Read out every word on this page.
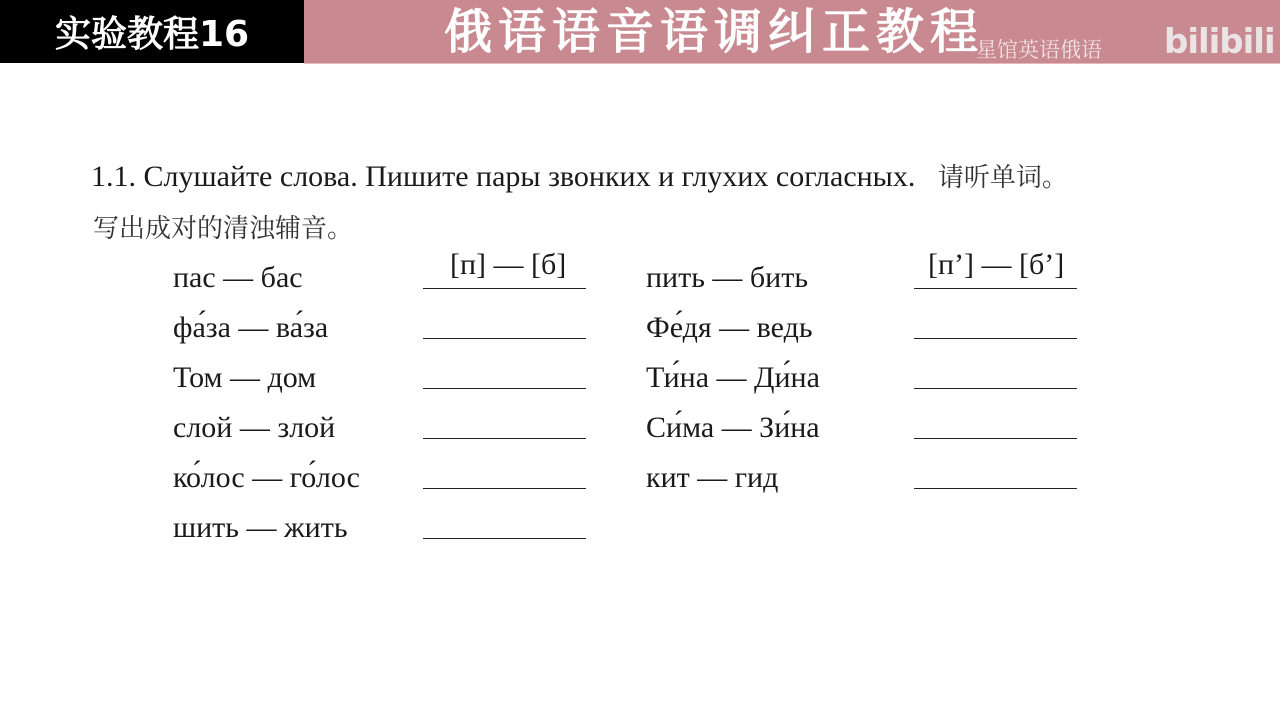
实验教程16	俄语语音语调纠正教程
星馆英语俄语 bilibili
1.1. Слушайте слова. Пишите пары звонких и глухих согласных. 请听单词。
写出成对的清浊辅音。
пас — бас	[п] — [б]
фа́за — ва́за
Том — дом
слой — злой
ко́лос — го́лос
шить — жить
пить — бить	[п’] — [б’]
Фе́дя — ведь
Ти́на — Ди́на
Си́ма — Зи́на
кит — гид
